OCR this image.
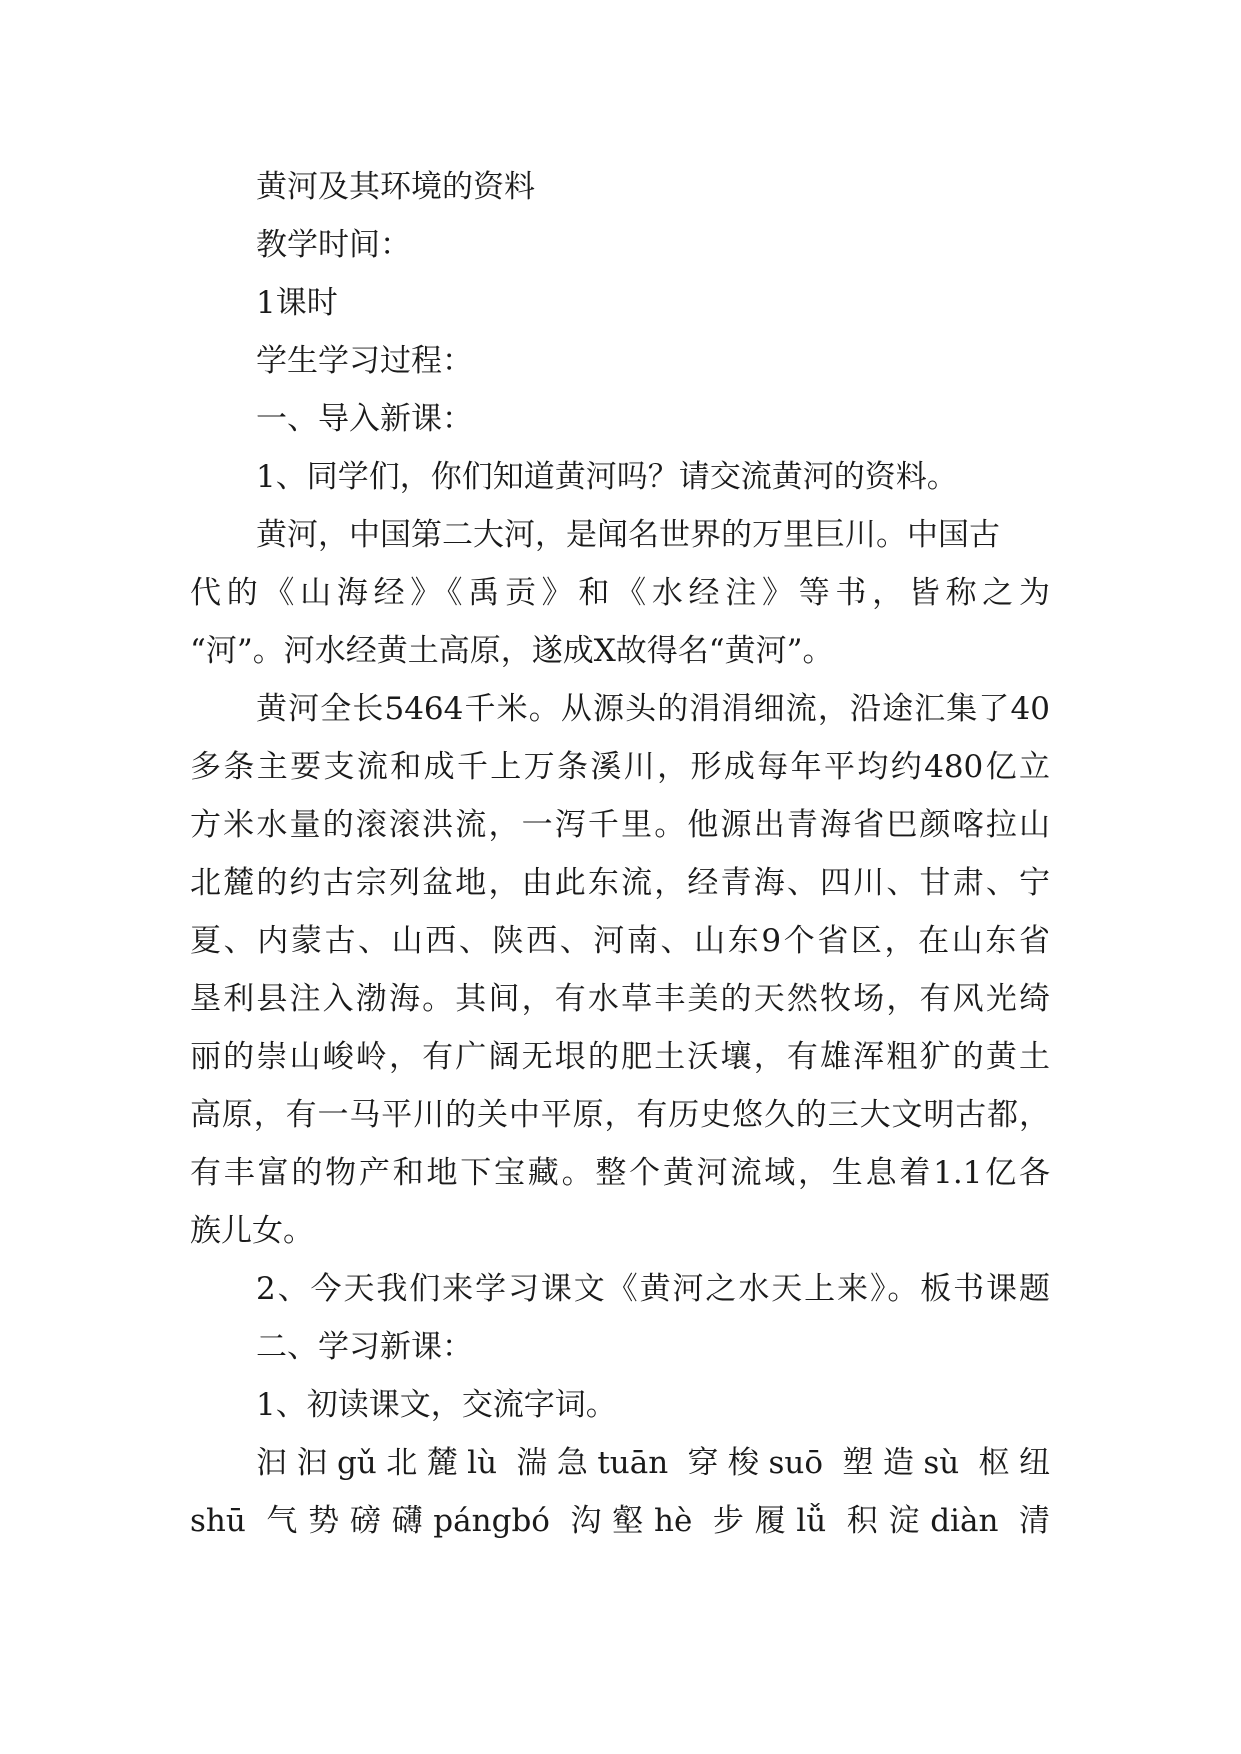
黄河及其环境的资料

教学时间：

1课时

学生学习过程：

一、导入新课：

1、同学们，你们知道黄河吗？请交流黄河的资料。

黄河，中国第二大河，是闻名世界的万里巨川。中国古

代的《山海经》《禹贡》和《水经注》等书，皆称之为

“河”。河水经黄土高原，遂成X故得名“黄河”。

黄河全长5464千米。从源头的涓涓细流，沿途汇集了40

多条主要支流和成千上万条溪川，形成每年平均约480亿立

方米水量的滚滚洪流，一泻千里。他源出青海省巴颜喀拉山

北麓的约古宗列盆地，由此东流，经青海、四川、甘肃、宁

夏、内蒙古、山西、陕西、河南、山东9个省区，在山东省

垦利县注入渤海。其间，有水草丰美的天然牧场，有风光绮

丽的崇山峻岭，有广阔无垠的肥土沃壤，有雄浑粗犷的黄土

高原，有一马平川的关中平原，有历史悠久的三大文明古都，

有丰富的物产和地下宝藏。整个黄河流域，生息着1.1亿各

族儿女。

2、今天我们来学习课文《黄河之水天上来》。板书课题

二、学习新课：

1、初读课文，交流字词。

汩汩gǔ北麓lù 湍急tuān 穿梭suō 塑造sù 枢纽

shū 气势磅礴pángbó 沟壑hè 步履lǚ 积淀diàn 清
